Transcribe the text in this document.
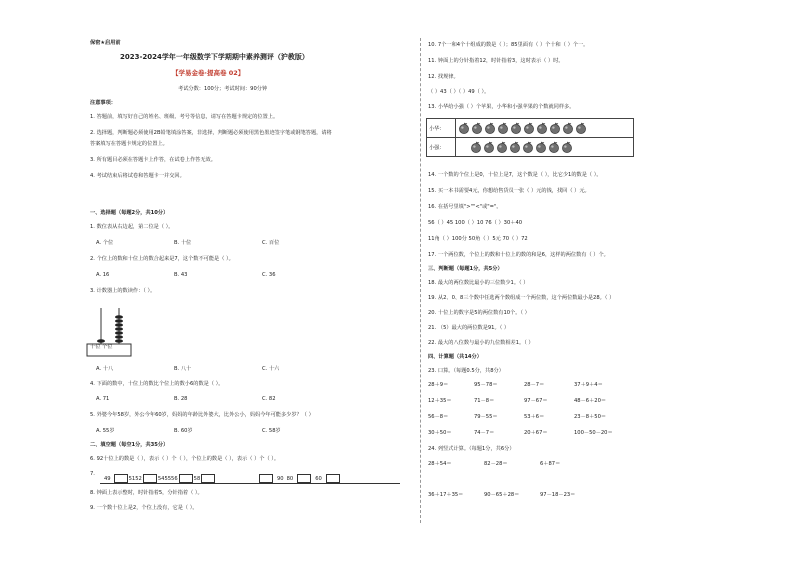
保密★启用前
2023-2024学年一年级数学下学期期中素养测评（沪教版）
【学易金卷·提高卷 02】
考试分数：100分；考试时间：90分钟
注意事项：
1. 答题前，填写好自己的姓名、班级、考号等信息，请写在答题卡规定的位置上。
2. 选择题，判断题必须使用2B铅笔填涂答案，非选择，判断题必须使用黑色墨迹签字笔或钢笔答题，请将
答案填写在答题卡规定的位置上。
3. 所有题目必须在答题卡上作答，在试卷上作答无效。
4. 考试结束后将试卷和答题卡一并交回。
一、选择题（每题2分，共10分）
1. 数位表从右边起，第二位是（ ）。
A. 个位	B. 十位	C. 百位
2. 个位上的数和十位上的数合起来是7，这个数不可能是（ ）。
A. 16	B. 43	C. 36
3. 计数器上的数读作：（ ）。
十位 个位
A. 十八	B. 八十	C. 十六
4. 下面的数中，十位上的数比个位上的数小6的数是（ ）。
A. 71	B. 28	C. 82
5. 外婆今年58岁，外公今年60岁，妈妈的年龄比外婆大，比外公小，妈妈今年可能多少岁？（ ）
A. 55岁	B. 60岁	C. 58岁
二、填空题（每空1分，共35分）
6. 92十位上的数是（ ），表示（ ）个（ ），个位上的数是（ ），表示（ ）个（ ）。
7.
49	51 52	54 55 56	58	90 80	60
8. 钟面上表示整时，时针指着5，分针指着（ ）。
9. 一个数十位上是2，个位上没有，它是（ ）。
10. 7个一和4个十组成的数是（ ）；85里面有（ ）个十和（ ）个一。
11. 钟面上的分针指着12，时针指着3，这时表示（ ）时。
12. 找规律。
（ ）43（ ）（ ）49（ ）。
13. 小华给小强（ ）个苹果，小华和小强苹果的个数就同样多。
小华：	

小强：	
14. 一个数的个位上是0，十位上是7，这个数是（ ），比它少1的数是（ ）。
15. 买一本书需要4元，你想给售货员一张（ ）元的钱，找回（ ）元。
16. 在括号里填">""<"或"="。
56（ ）45 100（ ）10 76（ ）30＋40
11角（ ）100分 50角（ ）5元 70（ ）72
17. 一个两位数，个位上的数和十位上的数的和是6，这样的两位数有（ ）个。
三、判断题（每题1分，共5分）
18. 最大的两位数比最小的三位数少1。（ ）
19. 从2、0、8三个数中任选两个数组成一个两位数，这个两位数最小是28。（ ）
20. 十位上的数字是5的两位数有10个。（ ）
21. （5）最大的两位数是91。（ ）
22. 最大的八位数与最小的九位数相差1。（ ）
四、计算题（共14分）
23. 口算。（每题0.5分，共8分）
28＋9＝	95－78＝	28－7＝	37＋9＋4＝
12＋35＝	71－8＝	97－67＝	48－6＋20＝
56－8＝	79－55＝	53＋6＝	23－8＋50＝
30＋50＝	74－7＝	20＋67＝	100－50－20＝
24. 列竖式计算。（每题1分，共6分）
28＋54＝	82－28＝	6＋87＝
36＋17＋35＝	90－65＋28＝	97－18－23＝
